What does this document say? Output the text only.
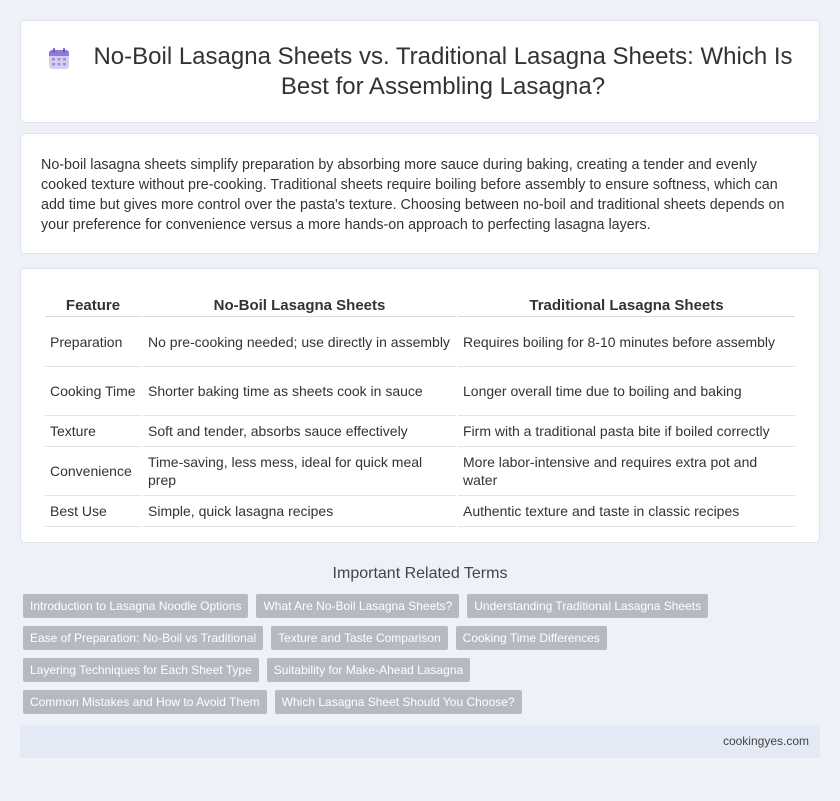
No-Boil Lasagna Sheets vs. Traditional Lasagna Sheets: Which Is Best for Assembling Lasagna?

No-boil lasagna sheets simplify preparation by absorbing more sauce during baking, creating a tender and evenly cooked texture without pre-cooking. Traditional sheets require boiling before assembly to ensure softness, which can add time but gives more control over the pasta's texture. Choosing between no-boil and traditional sheets depends on your preference for convenience versus a more hands-on approach to perfecting lasagna layers.

Feature	No-Boil Lasagna Sheets	Traditional Lasagna Sheets
Preparation	No pre-cooking needed; use directly in assembly	Requires boiling for 8-10 minutes before assembly
Cooking Time	Shorter baking time as sheets cook in sauce	Longer overall time due to boiling and baking
Texture	Soft and tender, absorbs sauce effectively	Firm with a traditional pasta bite if boiled correctly
Convenience	Time-saving, less mess, ideal for quick meal prep	More labor-intensive and requires extra pot and water
Best Use	Simple, quick lasagna recipes	Authentic texture and taste in classic recipes
Important Related Terms
Introduction to Lasagna Noodle Options	What Are No-Boil Lasagna Sheets?	Understanding Traditional Lasagna Sheets
Ease of Preparation: No-Boil vs Traditional	Texture and Taste Comparison	Cooking Time Differences
Layering Techniques for Each Sheet Type	Suitability for Make-Ahead Lasagna
Common Mistakes and How to Avoid Them	Which Lasagna Sheet Should You Choose?
cookingyes.com
